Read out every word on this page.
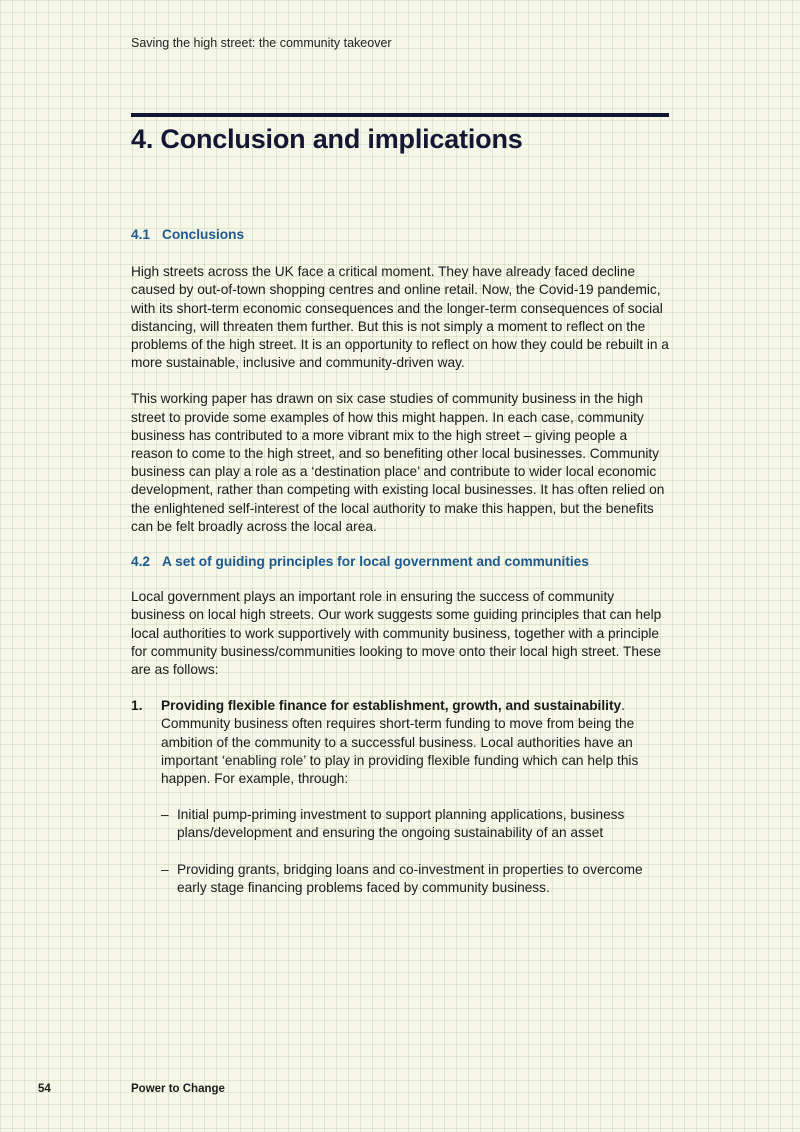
Saving the high street: the community takeover
4. Conclusion and implications
4.1 Conclusions

High streets across the UK face a critical moment. They have already faced decline caused by out-of-town shopping centres and online retail. Now, the Covid-19 pandemic, with its short-term economic consequences and the longer-term consequences of social distancing, will threaten them further. But this is not simply a moment to reflect on the problems of the high street. It is an opportunity to reflect on how they could be rebuilt in a more sustainable, inclusive and community-driven way.

This working paper has drawn on six case studies of community business in the high street to provide some examples of how this might happen. In each case, community business has contributed to a more vibrant mix to the high street – giving people a reason to come to the high street, and so benefiting other local businesses. Community business can play a role as a ‘destination place’ and contribute to wider local economic development, rather than competing with existing local businesses. It has often relied on the enlightened self-interest of the local authority to make this happen, but the benefits can be felt broadly across the local area.

4.2 A set of guiding principles for local government and communities

Local government plays an important role in ensuring the success of community business on local high streets. Our work suggests some guiding principles that can help local authorities to work supportively with community business, together with a principle for community business/communities looking to move onto their local high street. These are as follows:

1.	Providing flexible finance for establishment, growth, and sustainability. Community business often requires short-term funding to move from being the ambition of the community to a successful business. Local authorities have an important ‘enabling role’ to play in providing flexible funding which can help this happen. For example, through:
– Initial pump-priming investment to support planning applications, business plans/development and ensuring the ongoing sustainability of an asset
– Providing grants, bridging loans and co-investment in properties to overcome early stage financing problems faced by community business.
54	Power to Change
